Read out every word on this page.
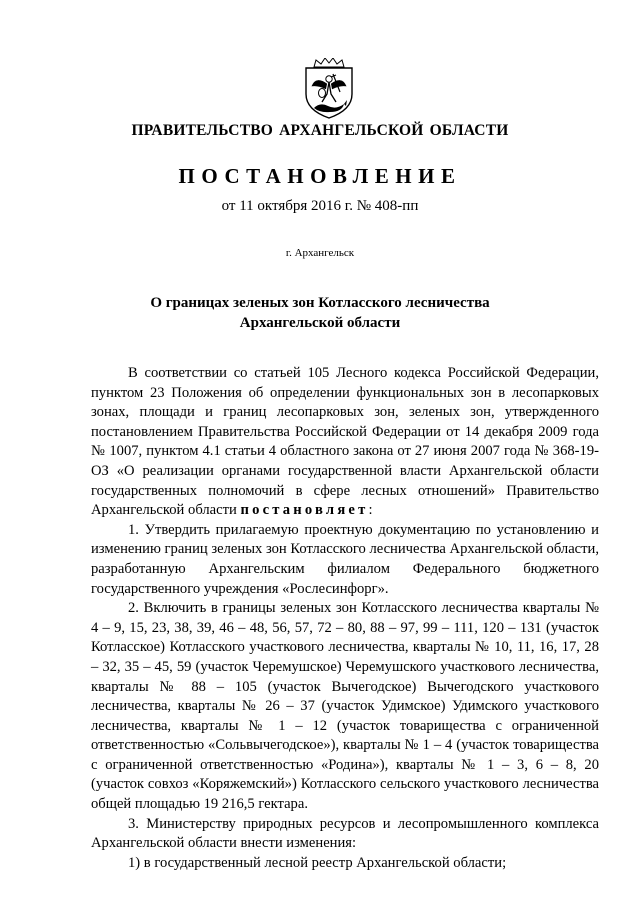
ПРАВИТЕЛЬСТВО АРХАНГЕЛЬСКОЙ ОБЛАСТИ
ПОСТАНОВЛЕНИЕ
от 11 октября 2016 г. № 408-пп
г. Архангельск
О границах зеленых зон Котласского лесничества
Архангельской области

В соответствии со статьей 105 Лесного кодекса Российской Федерации, пунктом 23 Положения об определении функциональных зон в лесопарковых зонах, площади и границ лесопарковых зон, зеленых зон, утвержденного постановлением Правительства Российской Федерации от 14 декабря 2009 года № 1007, пунктом 4.1 статьи 4 областного закона от 27 июня 2007 года № 368-19-ОЗ «О реализации органами государственной власти Архангельской области государственных полномочий в сфере лесных отношений» Правительство Архангельской области постановляет:

1. Утвердить прилагаемую проектную документацию по установлению и изменению границ зеленых зон Котласского лесничества Архангельской области, разработанную Архангельским филиалом Федерального бюджетного государственного учреждения «Рослесинфорг».

2. Включить в границы зеленых зон Котласского лесничества кварталы № 4 – 9, 15, 23, 38, 39, 46 – 48, 56, 57, 72 – 80, 88 – 97, 99 – 111, 120 – 131 (участок Котласское) Котласского участкового лесничества, кварталы № 10, 11, 16, 17, 28 – 32, 35 – 45, 59 (участок Черемушское) Черемушского участкового лесничества, кварталы № 88 – 105 (участок Вычегодское) Вычегодского участкового лесничества, кварталы № 26 – 37 (участок Удимское) Удимского участкового лесничества, кварталы № 1 – 12 (участок товарищества с ограниченной ответственностью «Сольвычегодское»), кварталы № 1 – 4 (участок товарищества с ограниченной ответственностью «Родина»), кварталы № 1 – 3, 6 – 8, 20 (участок совхоз «Коряжемский») Котласского сельского участкового лесничества общей площадью 19 216,5 гектара.

3. Министерству природных ресурсов и лесопромышленного комплекса Архангельской области внести изменения:

1) в государственный лесной реестр Архангельской области;
